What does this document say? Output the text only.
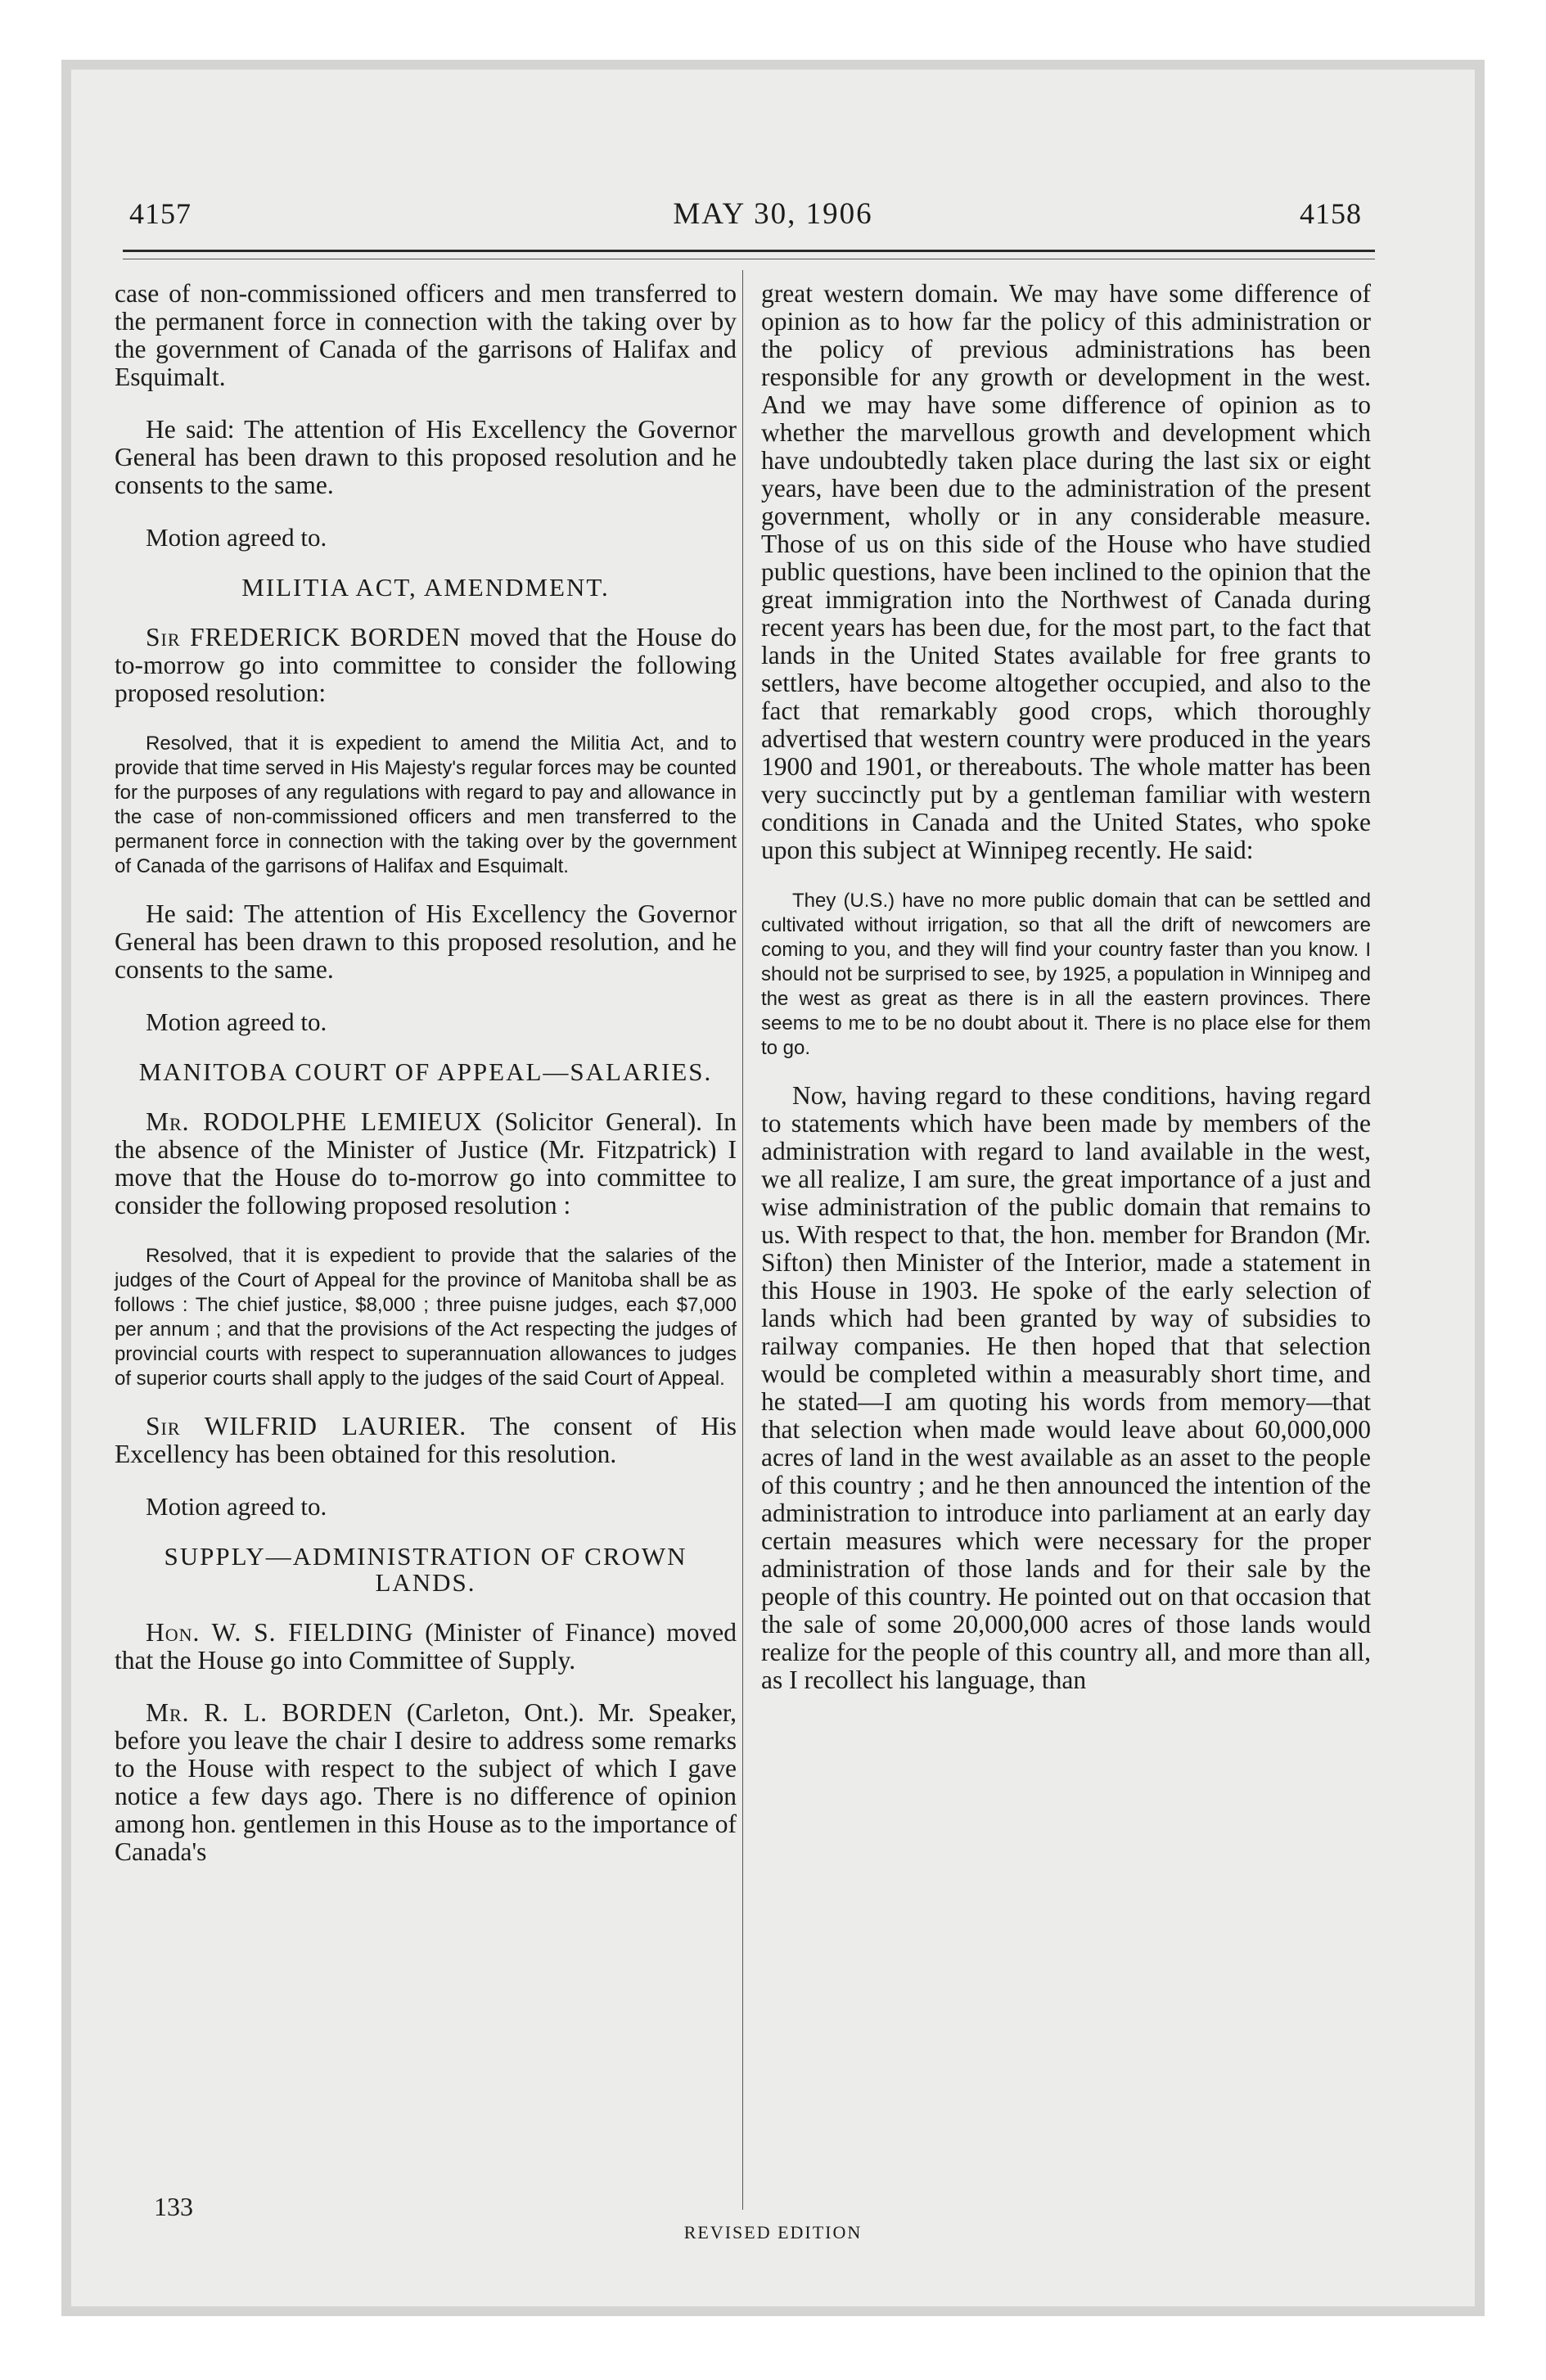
4157	MAY 30, 1906	4158

case of non-commissioned officers and men transferred to the permanent force in connection with the taking over by the government of Canada of the garrisons of Halifax and Esquimalt.

He said: The attention of His Excellency the Governor General has been drawn to this proposed resolution and he consents to the same.

Motion agreed to.

MILITIA ACT, AMENDMENT.

Sir FREDERICK BORDEN moved that the House do to-morrow go into committee to consider the following proposed resolution:

Resolved, that it is expedient to amend the Militia Act, and to provide that time served in His Majesty's regular forces may be counted for the purposes of any regulations with regard to pay and allowance in the case of non-commissioned officers and men transferred to the permanent force in connection with the taking over by the government of Canada of the garrisons of Halifax and Esquimalt.

He said: The attention of His Excellency the Governor General has been drawn to this proposed resolution, and he consents to the same.

Motion agreed to.

MANITOBA COURT OF APPEAL—SALARIES.

Mr. RODOLPHE LEMIEUX (Solicitor General). In the absence of the Minister of Justice (Mr. Fitzpatrick) I move that the House do to-morrow go into committee to consider the following proposed resolution :

Resolved, that it is expedient to provide that the salaries of the judges of the Court of Appeal for the province of Manitoba shall be as follows : The chief justice, $8,000 ; three puisne judges, each $7,000 per annum ; and that the provisions of the Act respecting the judges of provincial courts with respect to superannuation allowances to judges of superior courts shall apply to the judges of the said Court of Appeal.

Sir WILFRID LAURIER. The consent of His Excellency has been obtained for this resolution.

Motion agreed to.

SUPPLY—ADMINISTRATION OF CROWN LANDS.

Hon. W. S. FIELDING (Minister of Finance) moved that the House go into Committee of Supply.

Mr. R. L. BORDEN (Carleton, Ont.). Mr. Speaker, before you leave the chair I desire to address some remarks to the House with respect to the subject of which I gave notice a few days ago. There is no difference of opinion among hon. gentlemen in this House as to the importance of Canada's

great western domain. We may have some difference of opinion as to how far the policy of this administration or the policy of previous administrations has been responsible for any growth or development in the west. And we may have some difference of opinion as to whether the marvellous growth and development which have undoubtedly taken place during the last six or eight years, have been due to the administration of the present government, wholly or in any considerable measure. Those of us on this side of the House who have studied public questions, have been inclined to the opinion that the great immigration into the Northwest of Canada during recent years has been due, for the most part, to the fact that lands in the United States available for free grants to settlers, have become altogether occupied, and also to the fact that remarkably good crops, which thoroughly advertised that western country were produced in the years 1900 and 1901, or thereabouts. The whole matter has been very succinctly put by a gentleman familiar with western conditions in Canada and the United States, who spoke upon this subject at Winnipeg recently. He said:

They (U.S.) have no more public domain that can be settled and cultivated without irrigation, so that all the drift of newcomers are coming to you, and they will find your country faster than you know. I should not be surprised to see, by 1925, a population in Winnipeg and the west as great as there is in all the eastern provinces. There seems to me to be no doubt about it. There is no place else for them to go.

Now, having regard to these conditions, having regard to statements which have been made by members of the administration with regard to land available in the west, we all realize, I am sure, the great importance of a just and wise administration of the public domain that remains to us. With respect to that, the hon. member for Brandon (Mr. Sifton) then Minister of the Interior, made a statement in this House in 1903. He spoke of the early selection of lands which had been granted by way of subsidies to railway companies. He then hoped that that selection would be completed within a measurably short time, and he stated—I am quoting his words from memory—that that selection when made would leave about 60,000,000 acres of land in the west available as an asset to the people of this country ; and he then announced the intention of the administration to introduce into parliament at an early day certain measures which were necessary for the proper administration of those lands and for their sale by the people of this country. He pointed out on that occasion that the sale of some 20,000,000 acres of those lands would realize for the people of this country all, and more than all, as I recollect his language, than

133
REVISED EDITION
